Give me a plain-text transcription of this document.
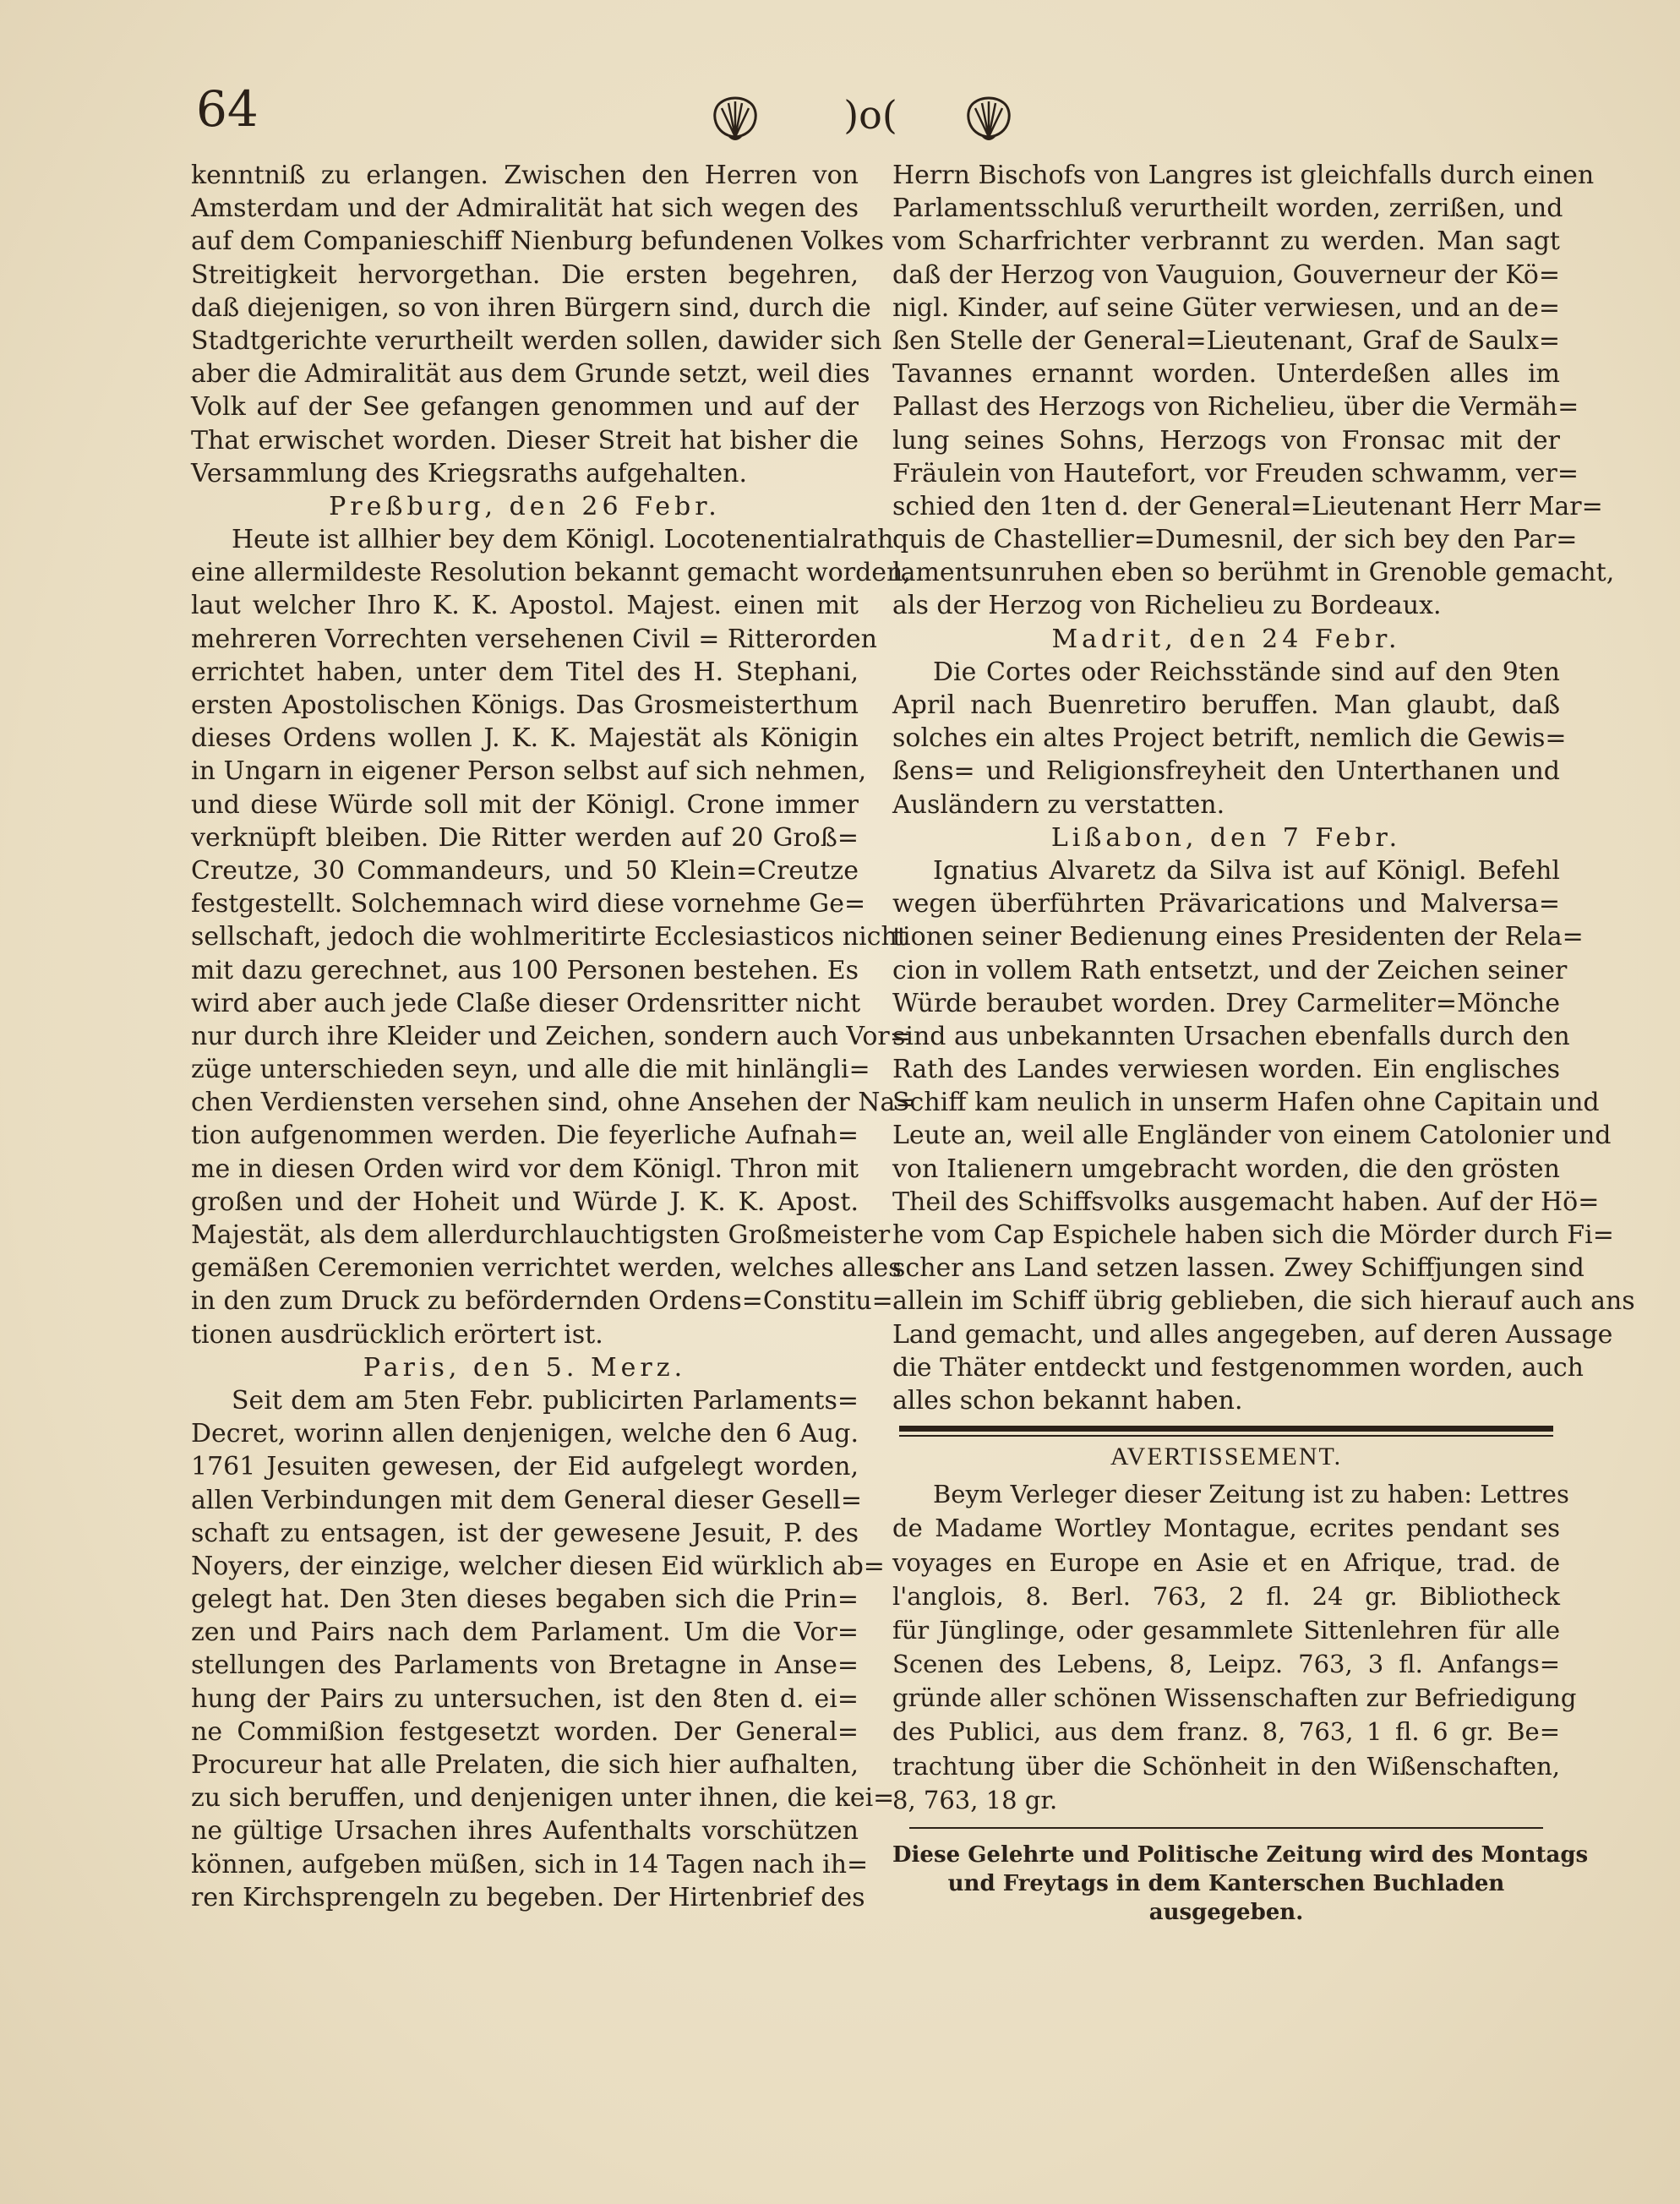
64	)o(
kenntniß zu erlangen. Zwischen den Herren von
Amsterdam und der Admiralität hat sich wegen des
auf dem Companieschiff Nienburg befundenen Volkes
Streitigkeit hervorgethan. Die ersten begehren,
daß diejenigen, so von ihren Bürgern sind, durch die
Stadtgerichte verurtheilt werden sollen, dawider sich
aber die Admiralität aus dem Grunde setzt, weil dies
Volk auf der See gefangen genommen und auf der
That erwischet worden. Dieser Streit hat bisher die
Versammlung des Kriegsraths aufgehalten.
Preßburg, den 26 Febr.
Heute ist allhier bey dem Königl. Locotenentialrath
eine allermildeste Resolution bekannt gemacht worden,
laut welcher Ihro K. K. Apostol. Majest. einen mit
mehreren Vorrechten versehenen Civil = Ritterorden
errichtet haben, unter dem Titel des H. Stephani,
ersten Apostolischen Königs. Das Grosmeisterthum
dieses Ordens wollen J. K. K. Majestät als Königin
in Ungarn in eigener Person selbst auf sich nehmen,
und diese Würde soll mit der Königl. Crone immer
verknüpft bleiben. Die Ritter werden auf 20 Groß=
Creutze, 30 Commandeurs, und 50 Klein=Creutze
festgestellt. Solchemnach wird diese vornehme Ge=
sellschaft, jedoch die wohlmeritirte Ecclesiasticos nicht
mit dazu gerechnet, aus 100 Personen bestehen. Es
wird aber auch jede Claße dieser Ordensritter nicht
nur durch ihre Kleider und Zeichen, sondern auch Vor=
züge unterschieden seyn, und alle die mit hinlängli=
chen Verdiensten versehen sind, ohne Ansehen der Na=
tion aufgenommen werden. Die feyerliche Aufnah=
me in diesen Orden wird vor dem Königl. Thron mit
großen und der Hoheit und Würde J. K. K. Apost.
Majestät, als dem allerdurchlauchtigsten Großmeister
gemäßen Ceremonien verrichtet werden, welches alles
in den zum Druck zu befördernden Ordens=Constitu=
tionen ausdrücklich erörtert ist.
Paris, den 5. Merz.
Seit dem am 5ten Febr. publicirten Parlaments=
Decret, worinn allen denjenigen, welche den 6 Aug.
1761 Jesuiten gewesen, der Eid aufgelegt worden,
allen Verbindungen mit dem General dieser Gesell=
schaft zu entsagen, ist der gewesene Jesuit, P. des
Noyers, der einzige, welcher diesen Eid würklich ab=
gelegt hat. Den 3ten dieses begaben sich die Prin=
zen und Pairs nach dem Parlament. Um die Vor=
stellungen des Parlaments von Bretagne in Anse=
hung der Pairs zu untersuchen, ist den 8ten d. ei=
ne Commißion festgesetzt worden. Der General=
Procureur hat alle Prelaten, die sich hier aufhalten,
zu sich beruffen, und denjenigen unter ihnen, die kei=
ne gültige Ursachen ihres Aufenthalts vorschützen
können, aufgeben müßen, sich in 14 Tagen nach ih=
ren Kirchsprengeln zu begeben. Der Hirtenbrief des
Herrn Bischofs von Langres ist gleichfalls durch einen
Parlamentsschluß verurtheilt worden, zerrißen, und
vom Scharfrichter verbrannt zu werden. Man sagt
daß der Herzog von Vauguion, Gouverneur der Kö=
nigl. Kinder, auf seine Güter verwiesen, und an de=
ßen Stelle der General=Lieutenant, Graf de Saulx=
Tavannes ernannt worden. Unterdeßen alles im
Pallast des Herzogs von Richelieu, über die Vermäh=
lung seines Sohns, Herzogs von Fronsac mit der
Fräulein von Hautefort, vor Freuden schwamm, ver=
schied den 1ten d. der General=Lieutenant Herr Mar=
quis de Chastellier=Dumesnil, der sich bey den Par=
lamentsunruhen eben so berühmt in Grenoble gemacht,
als der Herzog von Richelieu zu Bordeaux.
Madrit, den 24 Febr.
Die Cortes oder Reichsstände sind auf den 9ten
April nach Buenretiro beruffen. Man glaubt, daß
solches ein altes Project betrift, nemlich die Gewis=
ßens= und Religionsfreyheit den Unterthanen und
Ausländern zu verstatten.
Lißabon, den 7 Febr.
Ignatius Alvaretz da Silva ist auf Königl. Befehl
wegen überführten Prävarications und Malversa=
tionen seiner Bedienung eines Presidenten der Rela=
cion in vollem Rath entsetzt, und der Zeichen seiner
Würde beraubet worden. Drey Carmeliter=Mönche
sind aus unbekannten Ursachen ebenfalls durch den
Rath des Landes verwiesen worden. Ein englisches
Schiff kam neulich in unserm Hafen ohne Capitain und
Leute an, weil alle Engländer von einem Catolonier und
von Italienern umgebracht worden, die den grösten
Theil des Schiffsvolks ausgemacht haben. Auf der Hö=
he vom Cap Espichele haben sich die Mörder durch Fi=
scher ans Land setzen lassen. Zwey Schiffjungen sind
allein im Schiff übrig geblieben, die sich hierauf auch ans
Land gemacht, und alles angegeben, auf deren Aussage
die Thäter entdeckt und festgenommen worden, auch
alles schon bekannt haben.
AVERTISSEMENT.
Beym Verleger dieser Zeitung ist zu haben: Lettres
de Madame Wortley Montague, ecrites pendant ses
voyages en Europe en Asie et en Afrique, trad. de
l'anglois, 8. Berl. 763, 2 fl. 24 gr. Bibliotheck
für Jünglinge, oder gesammlete Sittenlehren für alle
Scenen des Lebens, 8, Leipz. 763, 3 fl. Anfangs=
gründe aller schönen Wissenschaften zur Befriedigung
des Publici, aus dem franz. 8, 763, 1 fl. 6 gr. Be=
trachtung über die Schönheit in den Wißenschaften,
8, 763, 18 gr.
Diese Gelehrte und Politische Zeitung wird des Montags
und Freytags in dem Kanterschen Buchladen
ausgegeben.
